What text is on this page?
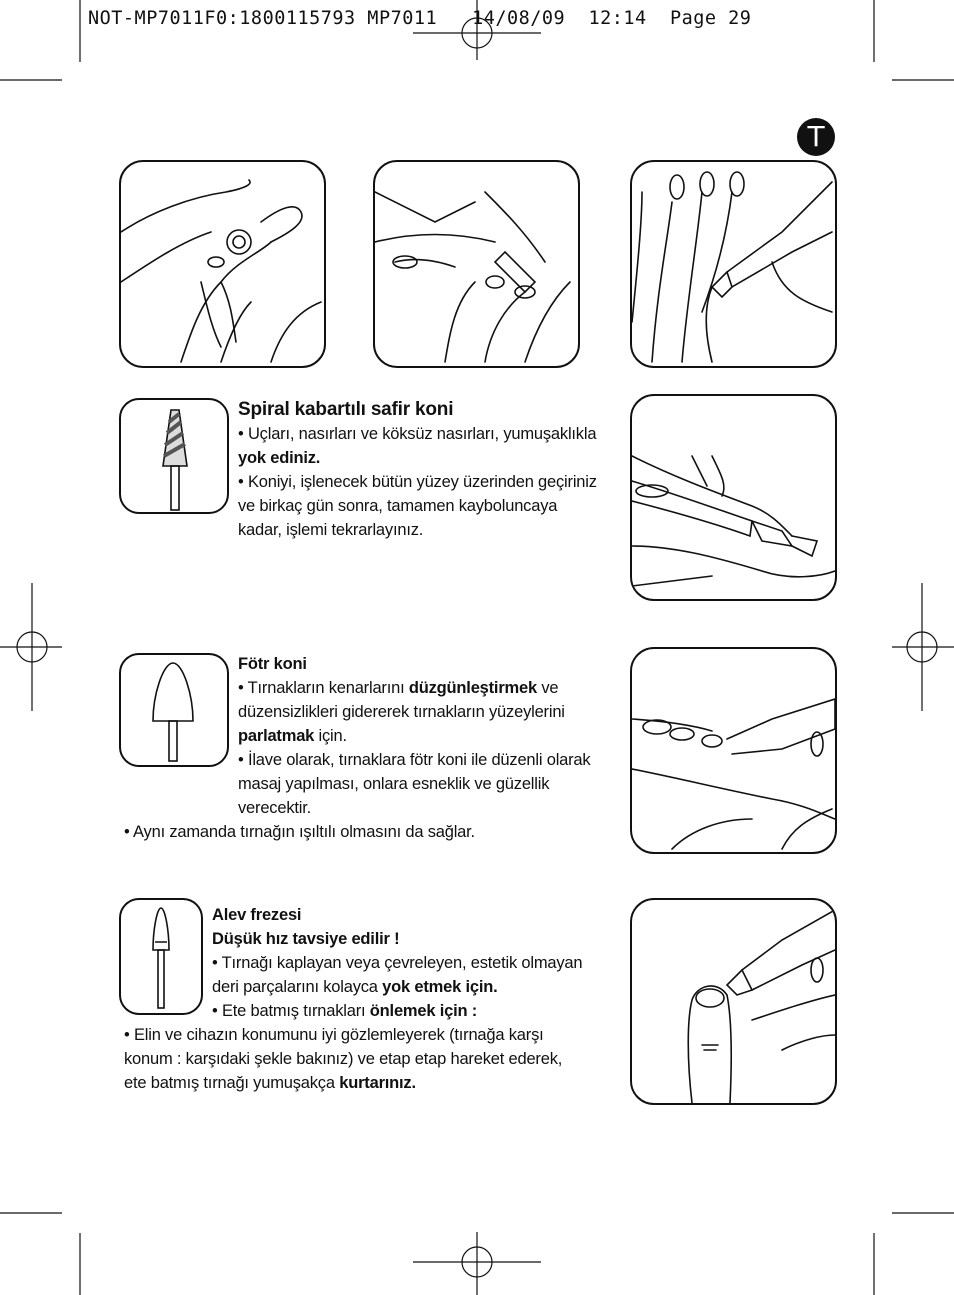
NOT-MP7011F0:1800115793 MP7011 14/08/09 12:14 Page 29
T

Spiral kabartılı safir koni

• Uçları, nasırları ve köksüz nasırları, yumuşaklıkla

yok ediniz.

• Koniyi, işlenecek bütün yüzey üzerinden geçiriniz

ve birkaç gün sonra, tamamen kayboluncaya

kadar, işlemi tekrarlayınız.

Fötr koni

• Tırnakların kenarlarını düzgünleştirmek ve

düzensizlikleri gidererek tırnakların yüzeylerini

parlatmak için.

• İlave olarak, tırnaklara fötr koni ile düzenli olarak

masaj yapılması, onlara esneklik ve güzellik

verecektir.

• Aynı zamanda tırnağın ışıltılı olmasını da sağlar.

Alev frezesi

Düşük hız tavsiye edilir !

• Tırnağı kaplayan veya çevreleyen, estetik olmayan

deri parçalarını kolayca yok etmek için.

• Ete batmış tırnakları önlemek için :

• Elin ve cihazın konumunu iyi gözlemleyerek (tırnağa karşı

konum : karşıdaki şekle bakınız) ve etap etap hareket ederek,

ete batmış tırnağı yumuşakça kurtarınız.
